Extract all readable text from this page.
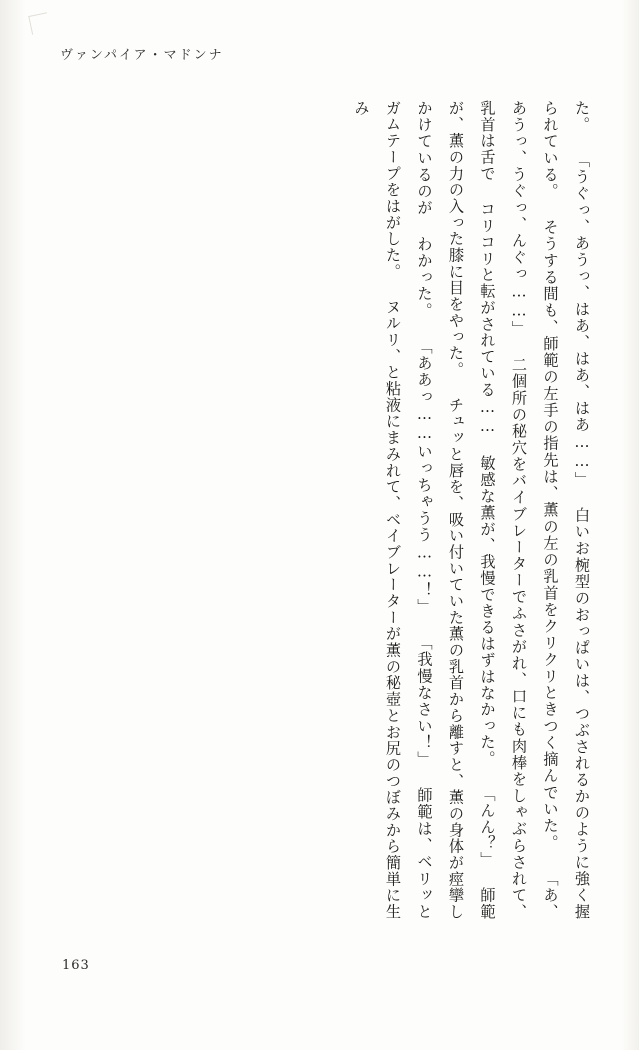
ヴァンパイア・マドンナ
た。 「うぐっ、あうっ、はあ、はあ、はあ……」 白いお椀型のおっぱいは、つぶされるかのように強く握られている。 そうする間も、師範の左手の指先は、薫の左の乳首をクリクリときつく摘んでいた。 「あ、あうっ、うぐっ、んぐっ……」 二個所の秘穴をバイブレーターでふさがれ、口にも肉棒をしゃぶらされて、乳首は舌で コリコリと転がされている…… 敏感な薫が、我慢できるはずはなかった。 「んん？」 師範が、薫の力の入った膝に目をやった。 チュッと唇を、吸い付いていた薫の乳首から離すと、薫の身体が痙攣しかけているのが わかった。 「ああっ……いっちゃうう……！」 「我慢なさい！」 師範は、ベリッとガムテープをはがした。 ヌルリ、と粘液にまみれて、ベイブレーターが薫の秘壺とお尻のつぼみから簡単に生み
163
